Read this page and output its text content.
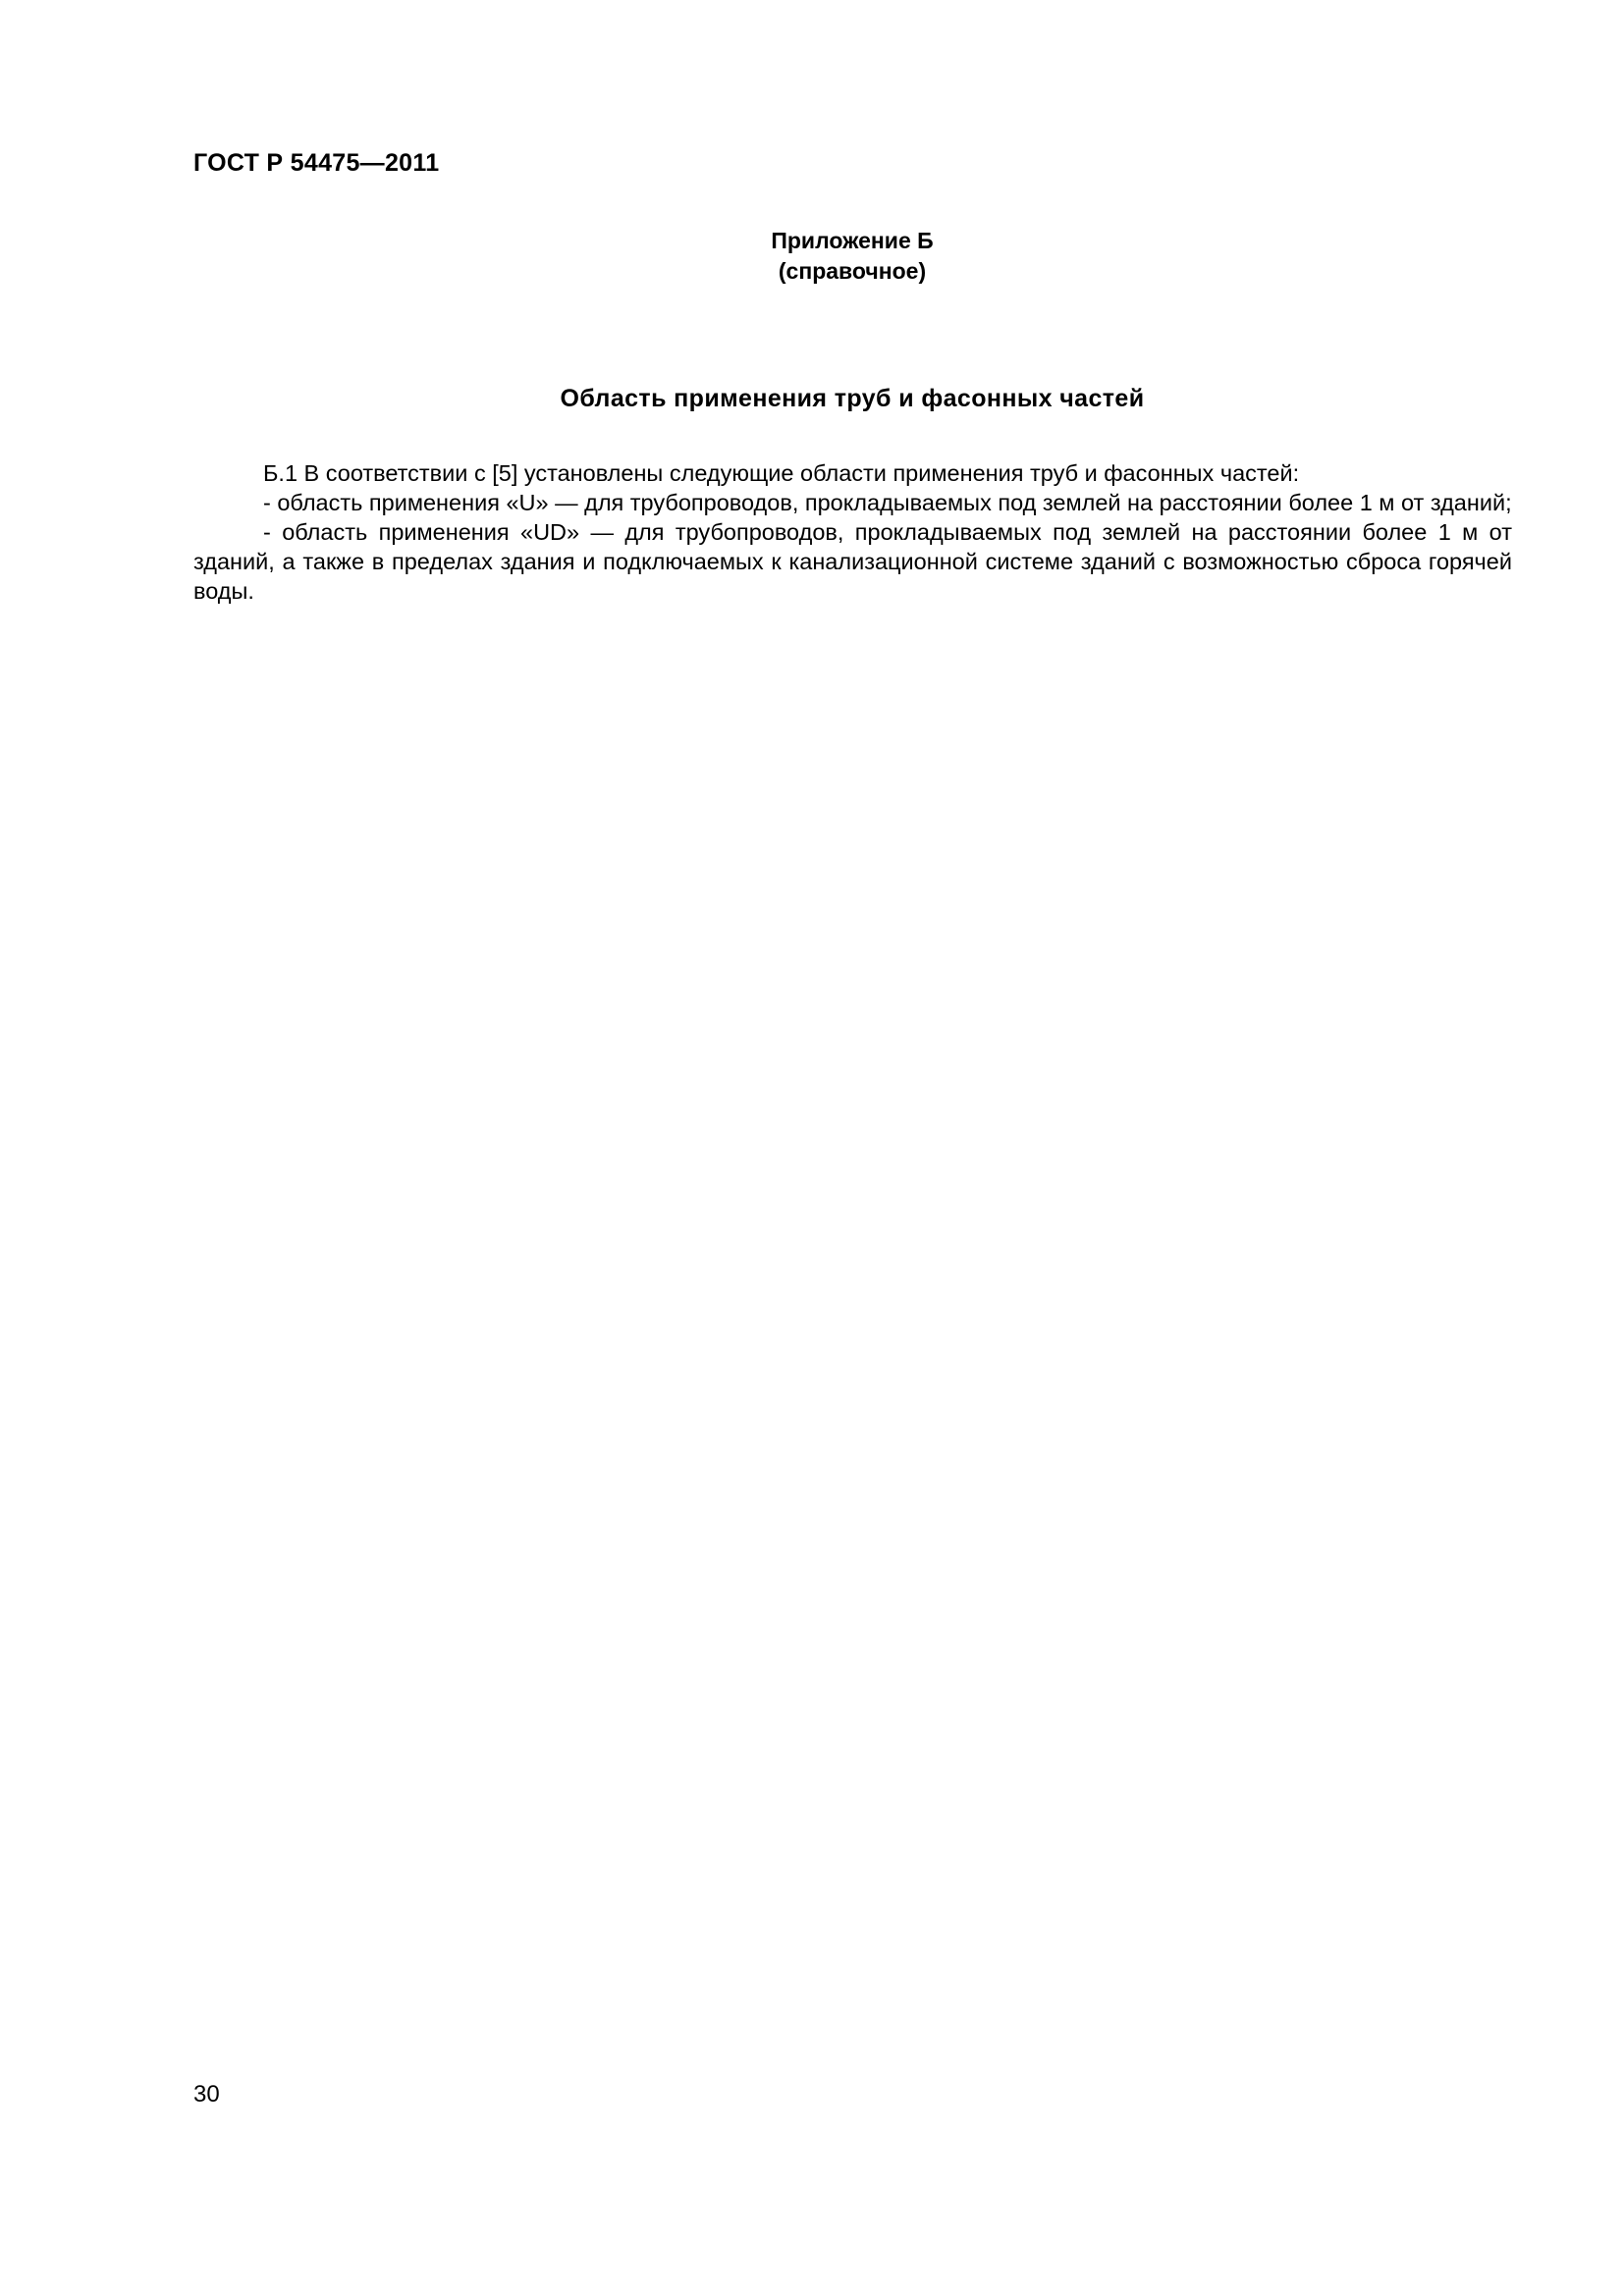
ГОСТ Р 54475—2011
Приложение Б
(справочное)
Область применения труб и фасонных частей

Б.1 В соответствии с [5] установлены следующие области применения труб и фасонных частей:

- область применения «U» — для трубопроводов, прокладываемых под землей на расстоянии более 1 м от зданий;

- область применения «UD» — для трубопроводов, прокладываемых под землей на расстоянии более 1 м от зданий, а также в пределах здания и подключаемых к канализационной системе зданий с возможностью сброса горячей воды.

30
